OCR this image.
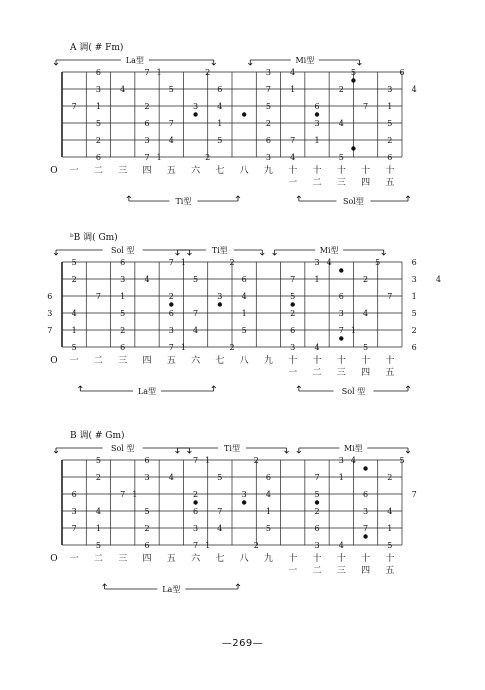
A 调( # Fm)
6	7 1	2	3 4	5	6
3 4	5	6	7 1	2	3 4
7 1	2	3 4	5	6	7 1
5	6 7	1	2	3 4	5
2	3 4	5	6 7 1	2
6	7 1	2	3 4	5	6
O 一 二 三 四 五 六 七 八 九 十 十 十 十 十
一 二 三 四 五
La型	Mi型
Ti型	Sol型
ᵇB 调( Gm)
5	6	7 1	2	3 4	5	6
2	3 4	5	6	7 1	2	3 4
6	7 1	2	3 4	5	6	7 1
3 4	5	6 7	1	2	3 4	5
7 1	2	3 4	5	6	7 1	2
5	6	7 1	2	3 4	5	6
O 一 二 三 四 五 六 七 八 九 十 十 十 十 十
一 二 三 四 五
Sol 型	Ti型	Mi型
La型	Sol 型
B 调( # Gm)
5	6	7 1	2	3 4	5
2	3 4	5	6	7 1	2
6	7 1	2	3 4	5	6	7
3 4	5	6 7	1	2	3 4
7 1	2	3 4	5	6	7 1
5	6	7 1	2	3 4	5
O 一 二 三 四 五 六 七 八 九 十 十 十 十 十
一 二 三 四 五
Sol 型	Ti型	Mi型
La型
—269—
